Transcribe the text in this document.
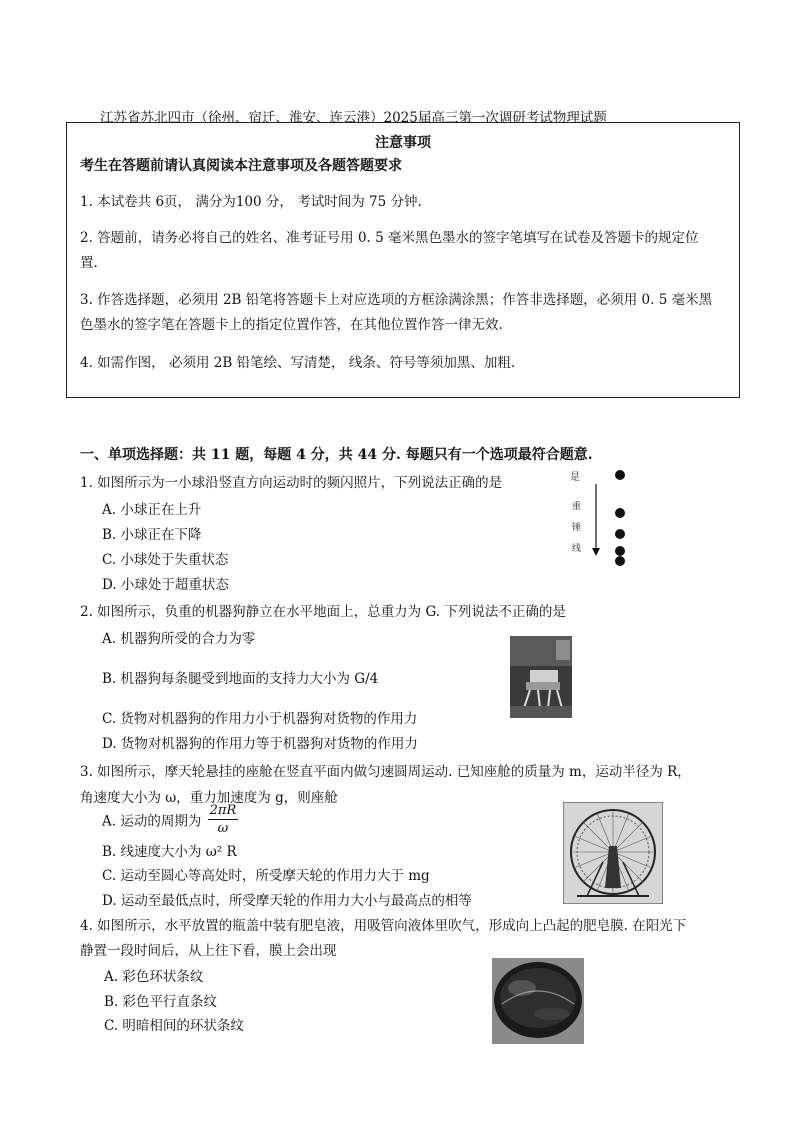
江苏省苏北四市（徐州、宿迁、淮安、连云港）2025届高三第一次调研考试物理试题
注意事项
考生在答题前请认真阅读本注意事项及各题答题要求
1. 本试卷共 6页， 满分为100 分， 考试时间为 75 分钟.
2. 答题前，请务必将自己的姓名、准考证号用 0. 5 毫米黑色墨水的签字笔填写在试卷及答题卡的规定位
置.
3. 作答选择题，必须用 2B 铅笔将答题卡上对应选项的方框涂满涂黑；作答非选择题，必须用 0. 5 毫米黑
色墨水的签字笔在答题卡上的指定位置作答，在其他位置作答一律无效.
4. 如需作图， 必须用 2B 铅笔绘、写清楚， 线条、符号等须加黑、加粗.
一、单项选择题：共 11 题，每题 4 分，共 44 分. 每题只有一个选项最符合题意.
1. 如图所示为一小球沿竖直方向运动时的频闪照片，下列说法正确的是
A. 小球正在上升
B. 小球正在下降
C. 小球处于失重状态
D. 小球处于超重状态
是
重
锤
线
2. 如图所示，负重的机器狗静立在水平地面上，总重力为 G. 下列说法不正确的是
A. 机器狗所受的合力为零
B. 机器狗每条腿受到地面的支持力大小为 G/4
C. 货物对机器狗的作用力小于机器狗对货物的作用力
D. 货物对机器狗的作用力等于机器狗对货物的作用力
3. 如图所示，摩天轮悬挂的座舱在竖直平面内做匀速圆周运动. 已知座舱的质量为 m，运动半径为 R，
角速度大小为 ω，重力加速度为 g，则座舱
A. 运动的周期为 $\frac{2\pi R}{\omega}$
B. 线速度大小为 ω² R
C. 运动至圆心等高处时，所受摩天轮的作用力大于 mg
D. 运动至最低点时，所受摩天轮的作用力大小与最高点的相等
4. 如图所示，水平放置的瓶盖中装有肥皂液，用吸管向液体里吹气，形成向上凸起的肥皂膜. 在阳光下
静置一段时间后，从上往下看，膜上会出现
A. 彩色环状条纹
B. 彩色平行直条纹
C. 明暗相间的环状条纹
